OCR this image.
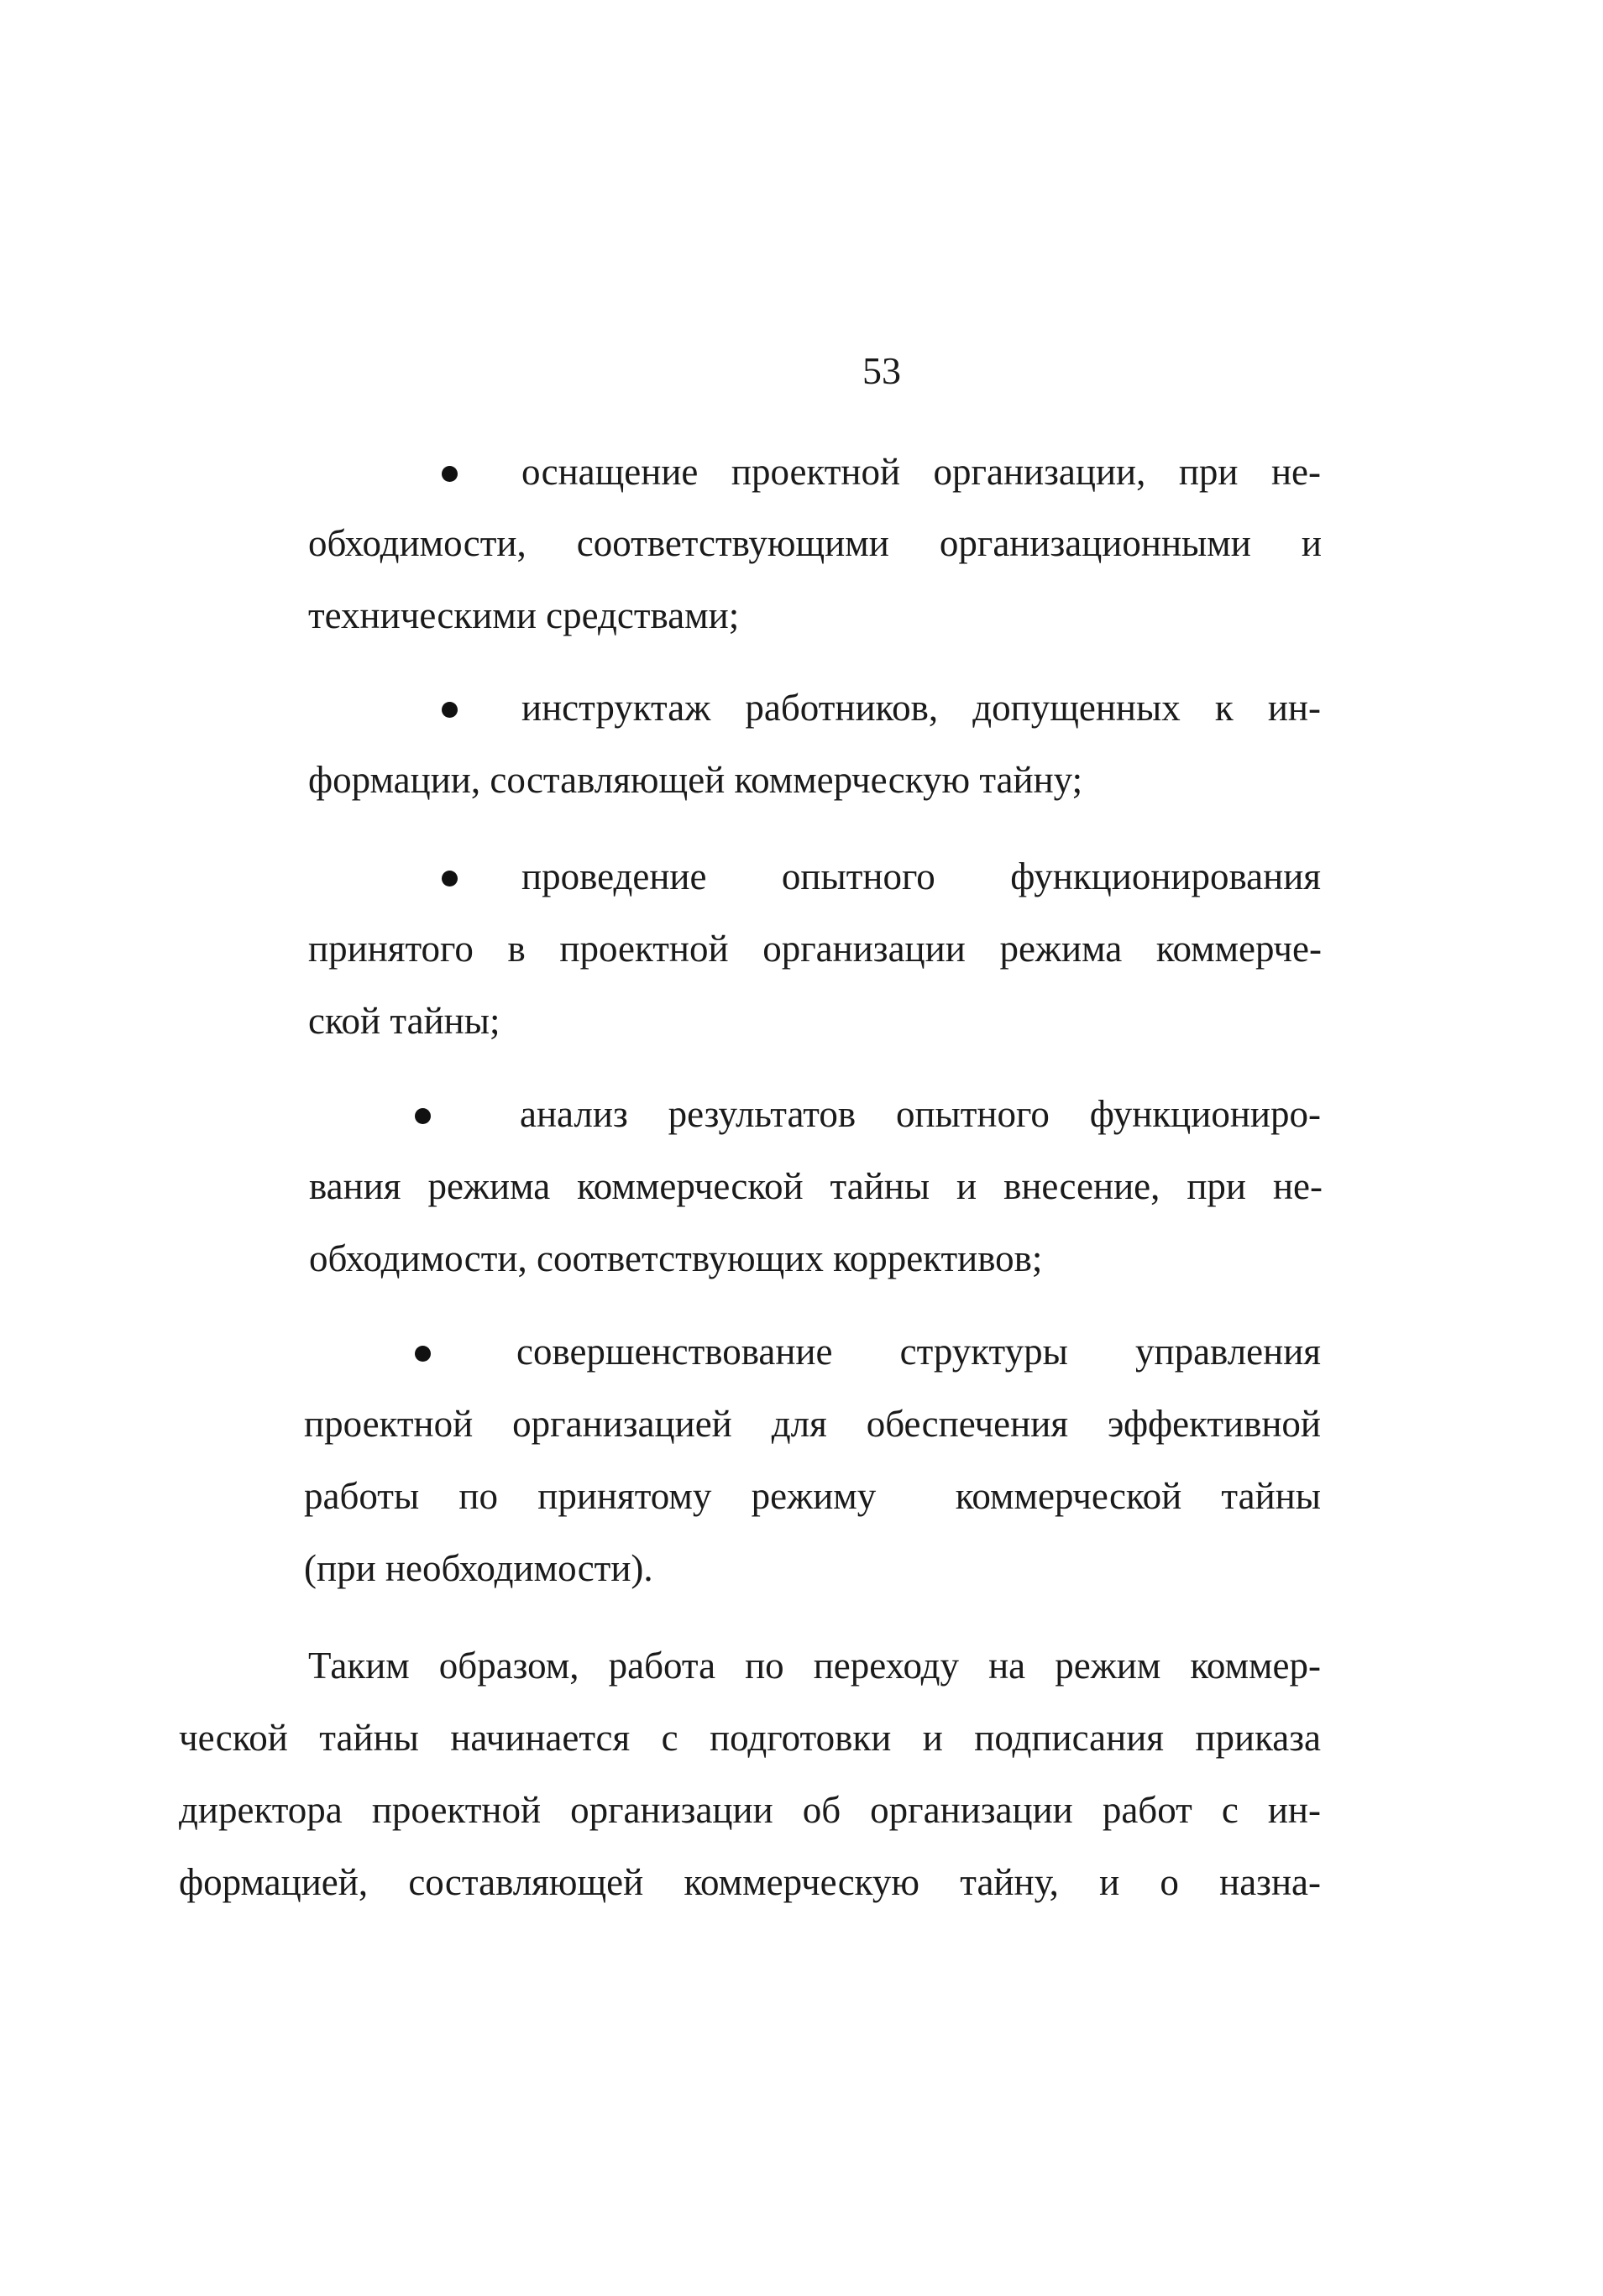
53
оснащение проектной организации, при не-
обходимости, соответствующими организационными и
техническими средствами;
инструктаж работников, допущенных к ин-
формации, составляющей коммерческую тайну;
проведение опытного функционирования
принятого в проектной организации режима коммерче-
ской тайны;
анализ результатов опытного функциониро-
вания режима коммерческой тайны и внесение, при не-
обходимости, соответствующих коррективов;
совершенствование структуры управления
проектной организацией для обеспечения эффективной
работы по принятому режиму  коммерческой тайны
(при необходимости).
Таким образом, работа по переходу на режим коммер-
ческой тайны начинается с подготовки и подписания приказа
директора проектной организации об организации работ с ин-
формацией, составляющей коммерческую тайну, и о назна-
